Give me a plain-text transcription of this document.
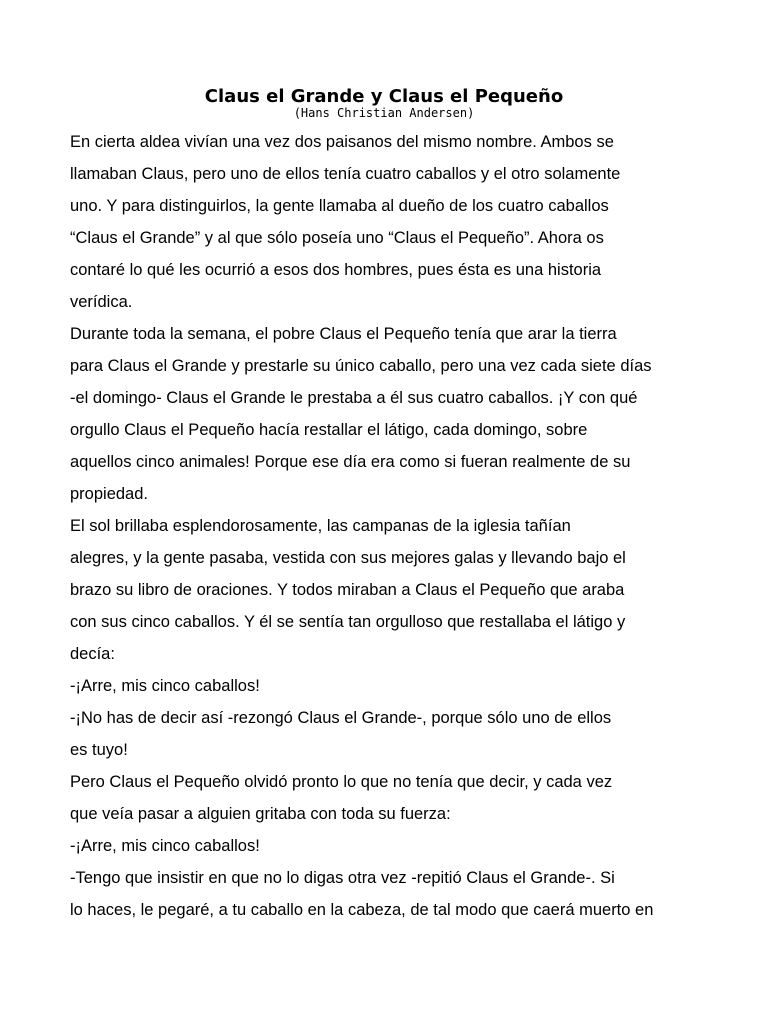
Claus el Grande y Claus el Pequeño
(Hans Christian Andersen)
En cierta aldea vivían una vez dos paisanos del mismo nombre. Ambos se
llamaban Claus, pero uno de ellos tenía cuatro caballos y el otro solamente
uno. Y para distinguirlos, la gente llamaba al dueño de los cuatro caballos
“Claus el Grande” y al que sólo poseía uno “Claus el Pequeño”. Ahora os
contaré lo qué les ocurrió a esos dos hombres, pues ésta es una historia
verídica.
Durante toda la semana, el pobre Claus el Pequeño tenía que arar la tierra
para Claus el Grande y prestarle su único caballo, pero una vez cada siete días
-el domingo- Claus el Grande le prestaba a él sus cuatro caballos. ¡Y con qué
orgullo Claus el Pequeño hacía restallar el látigo, cada domingo, sobre
aquellos cinco animales! Porque ese día era como si fueran realmente de su
propiedad.
El sol brillaba esplendorosamente, las campanas de la iglesia tañían
alegres, y la gente pasaba, vestida con sus mejores galas y llevando bajo el
brazo su libro de oraciones. Y todos miraban a Claus el Pequeño que araba
con sus cinco caballos. Y él se sentía tan orgulloso que restallaba el látigo y
decía:
-¡Arre, mis cinco caballos!
-¡No has de decir así -rezongó Claus el Grande-, porque sólo uno de ellos
es tuyo!
Pero Claus el Pequeño olvidó pronto lo que no tenía que decir, y cada vez
que veía pasar a alguien gritaba con toda su fuerza:
-¡Arre, mis cinco caballos!
-Tengo que insistir en que no lo digas otra vez -repitió Claus el Grande-. Si
lo haces, le pegaré, a tu caballo en la cabeza, de tal modo que caerá muerto en
